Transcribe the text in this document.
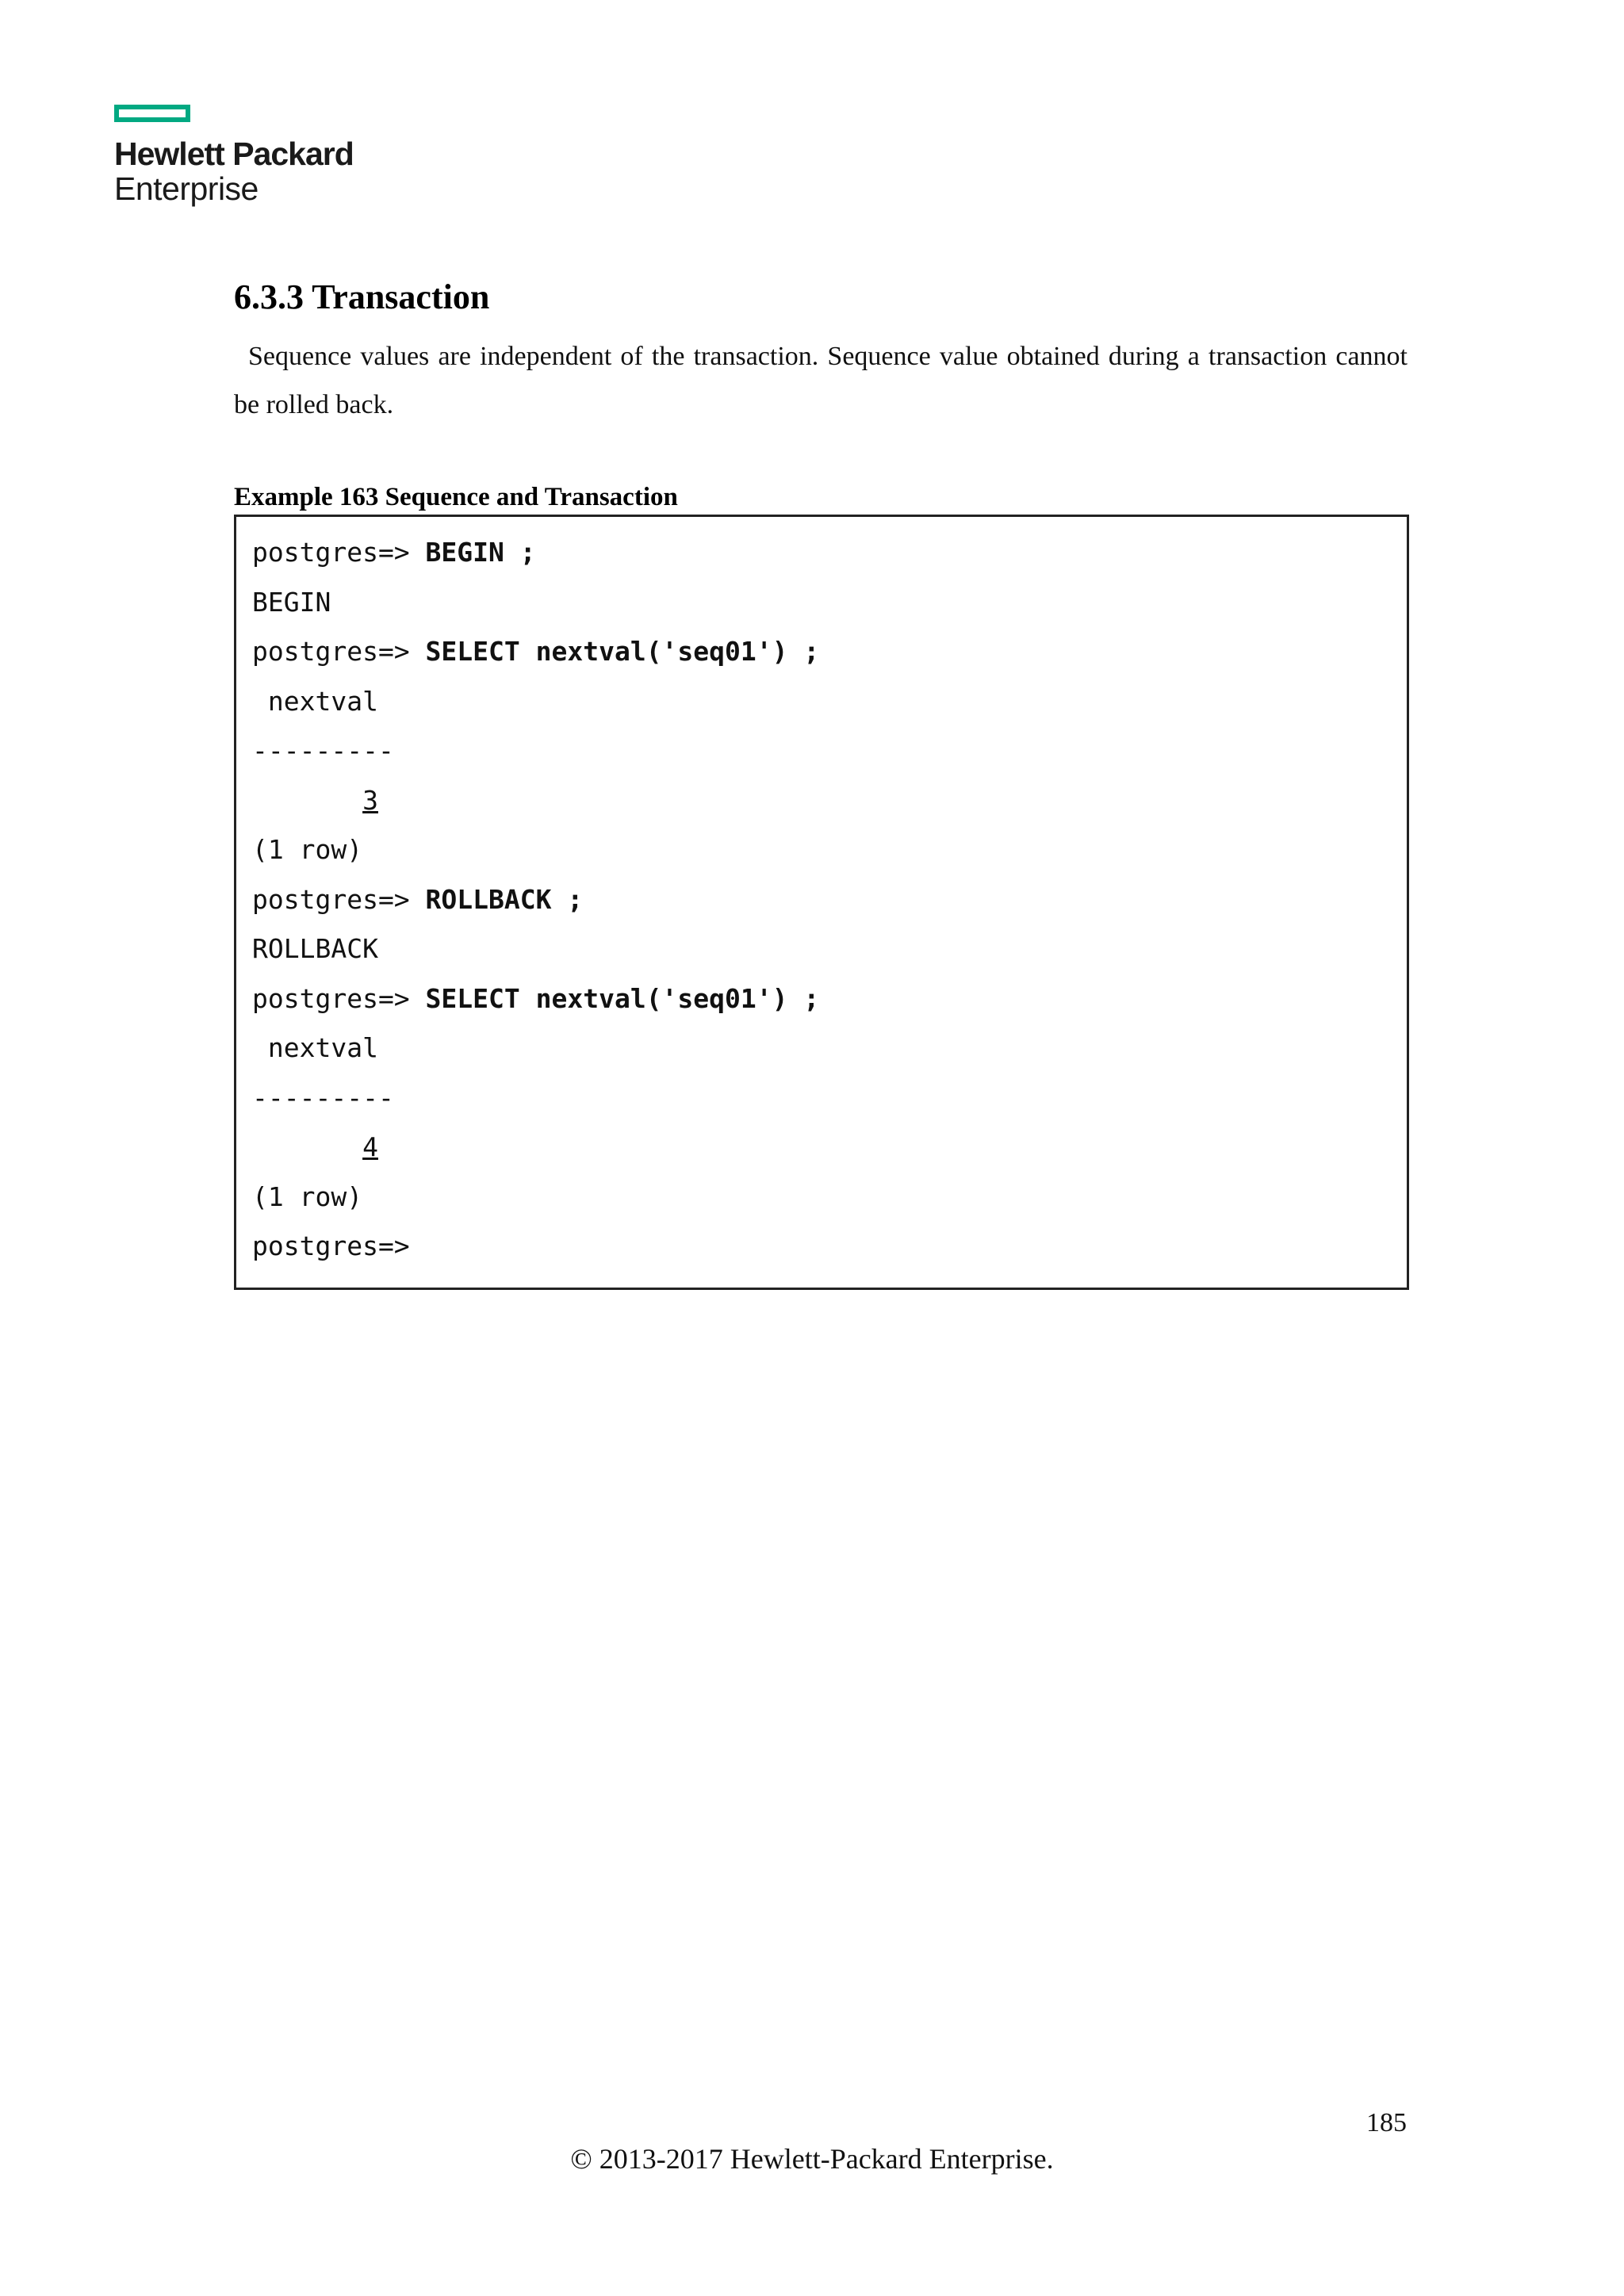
Hewlett Packard
Enterprise
6.3.3 Transaction

Sequence values are independent of the transaction. Sequence value obtained during a transaction cannot be rolled back.

Example 163 Sequence and Transaction
postgres=> BEGIN ;
BEGIN
postgres=> SELECT nextval('seq01') ;
nextval
---------
3
(1 row)
postgres=> ROLLBACK ;
ROLLBACK
postgres=> SELECT nextval('seq01') ;
nextval
---------
4
(1 row)
postgres=>
185
© 2013-2017 Hewlett-Packard Enterprise.
